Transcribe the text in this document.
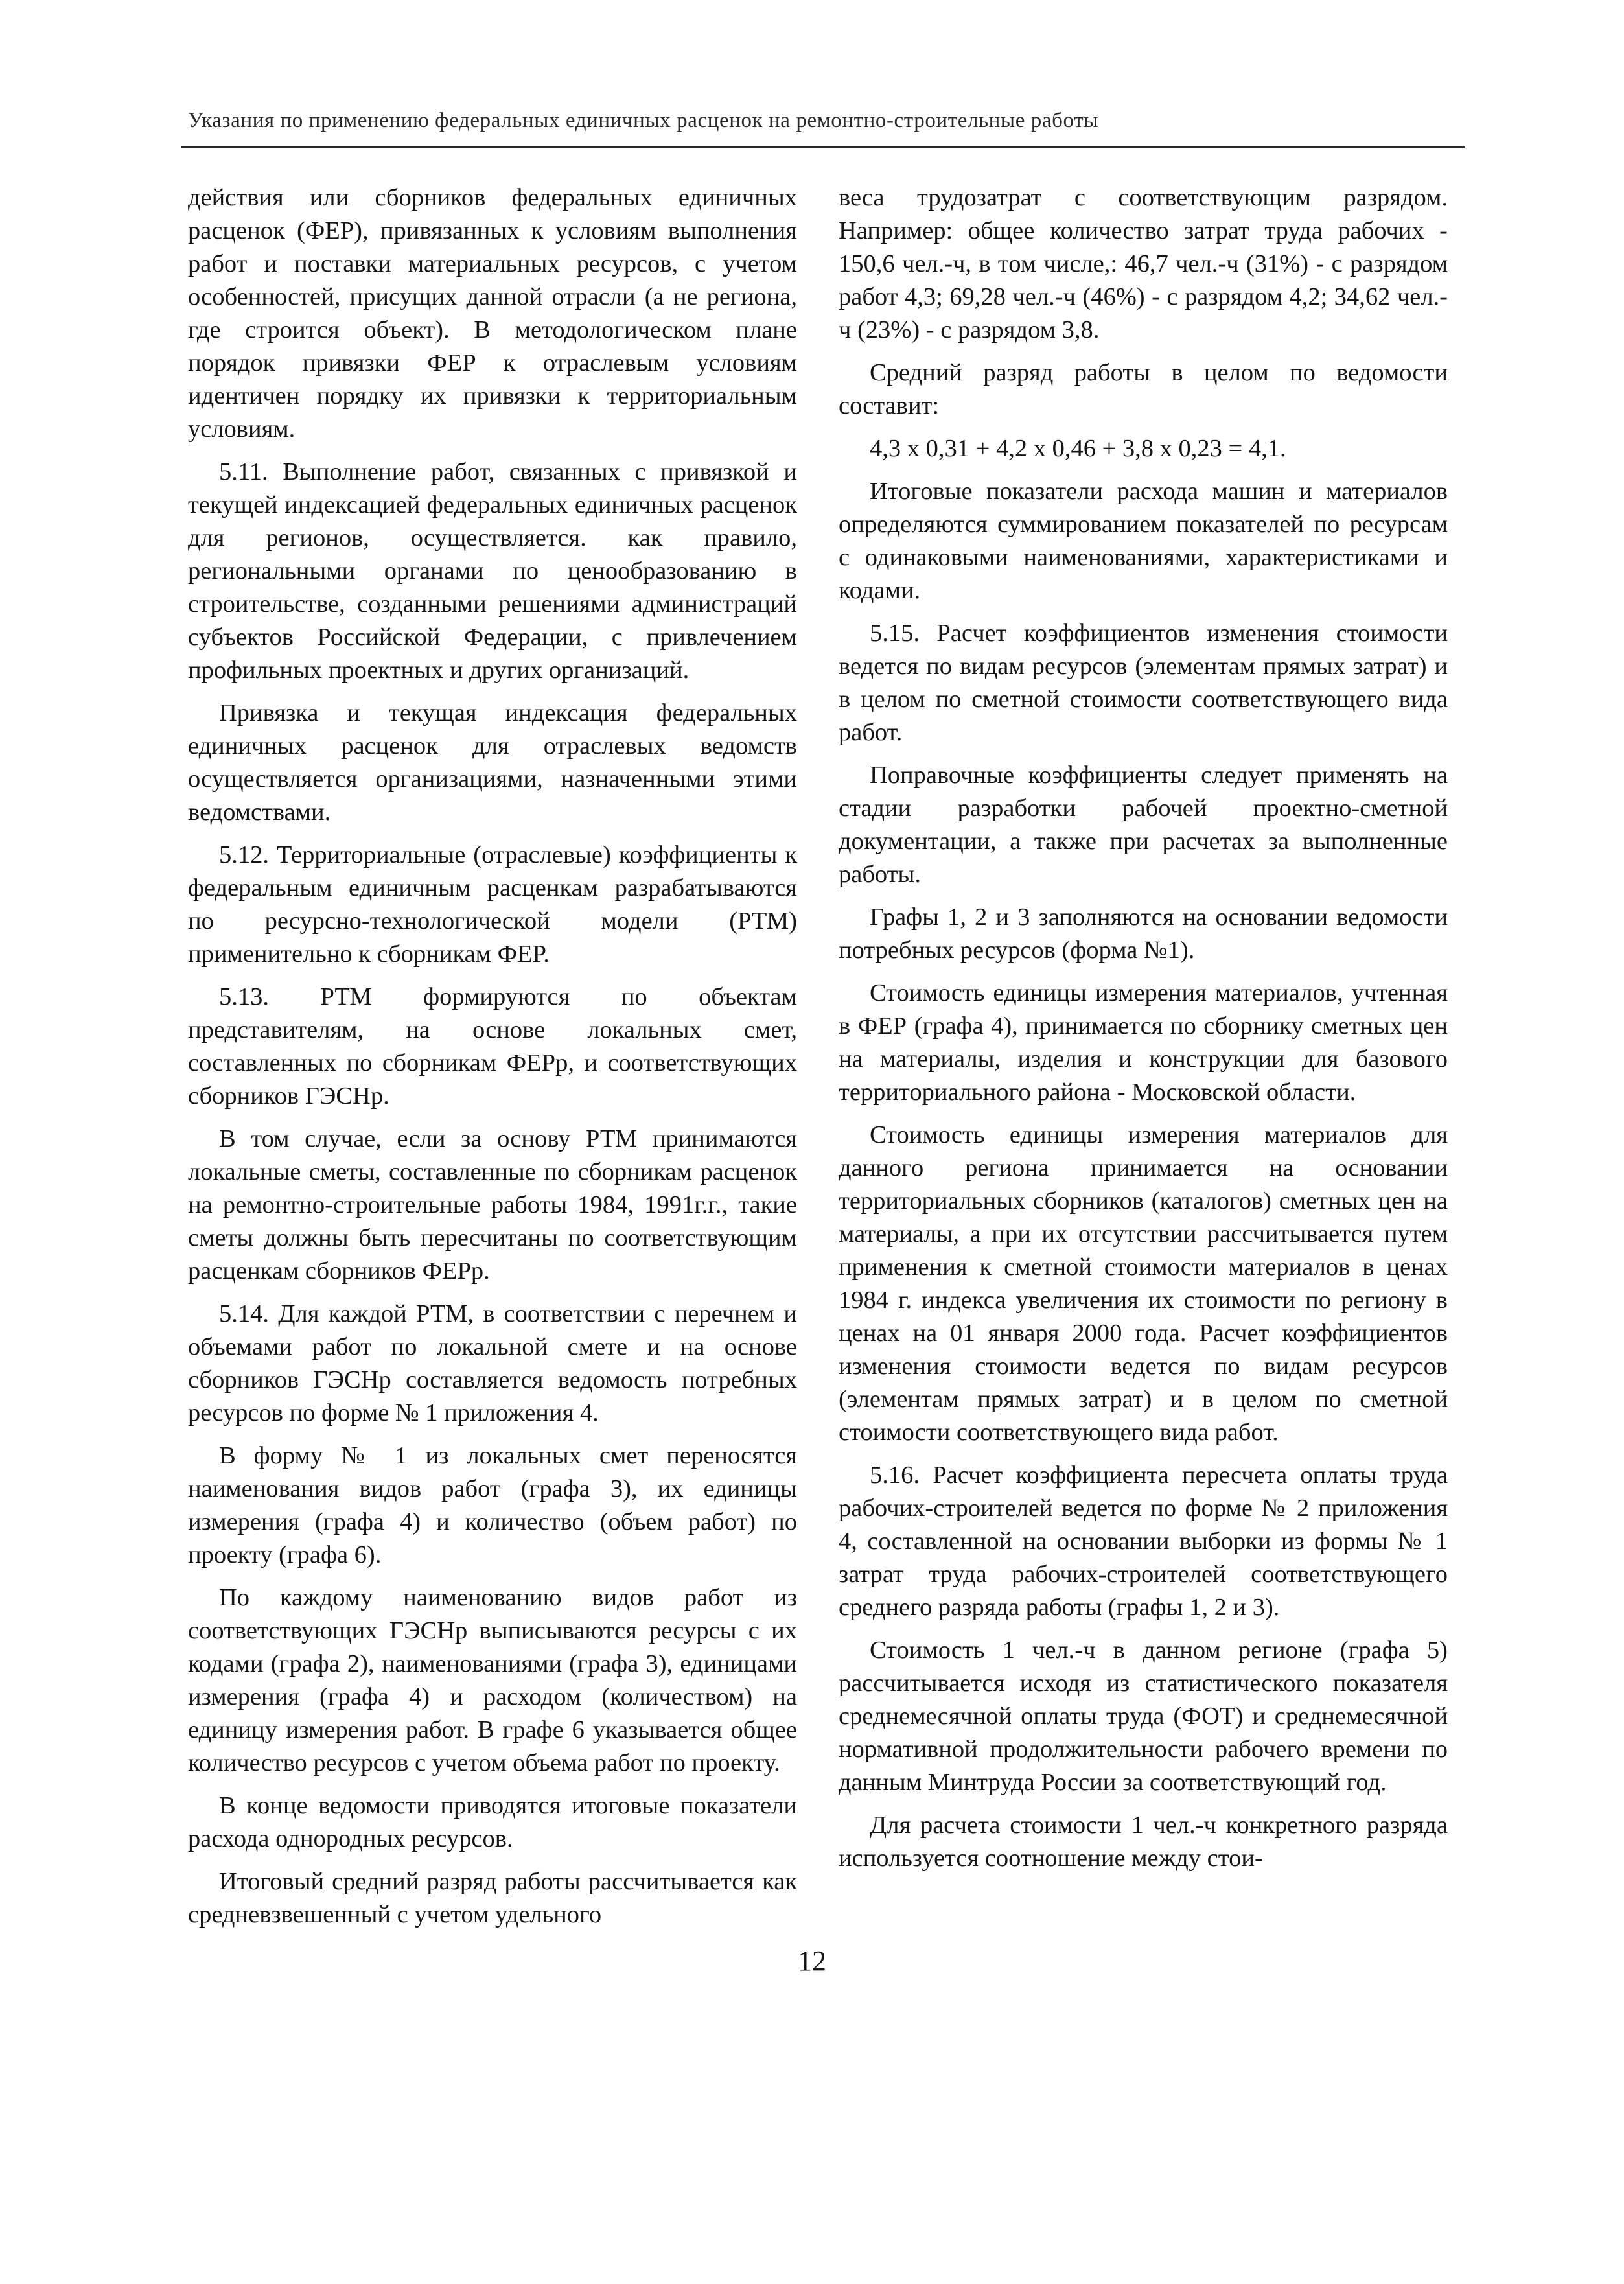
Указания по применению федеральных единичных расценок на ремонтно-строительные работы

действия или сборников федеральных единичных расценок (ФЕР), привязанных к условиям выполнения работ и поставки материальных ресурсов, с учетом особенностей, присущих данной отрасли (а не региона, где строится объект). В методологическом плане порядок привязки ФЕР к отраслевым условиям идентичен порядку их привязки к территориальным условиям.

5.11. Выполнение работ, связанных с привязкой и текущей индексацией федеральных единичных расценок для регионов, осуществляется. как правило, региональными органами по ценообразованию в строительстве, созданными решениями администраций субъектов Российской Федерации, с привлечением профильных проектных и других организаций.

Привязка и текущая индексация федеральных единичных расценок для отраслевых ведомств осуществляется организациями, назначенными этими ведомствами.

5.12. Территориальные (отраслевые) коэффициенты к федеральным единичным расценкам разрабатываются по ресурсно-технологической модели (РТМ) применительно к сборникам ФЕР.

5.13. РТМ формируются по объектам представителям, на основе локальных смет, составленных по сборникам ФЕРр, и соответствующих сборников ГЭСНр.

В том случае, если за основу РТМ принимаются локальные сметы, составленные по сборникам расценок на ремонтно-строительные работы 1984, 1991г.г., такие сметы должны быть пересчитаны по соответствующим расценкам сборников ФЕРр.

5.14. Для каждой РТМ, в соответствии с перечнем и объемами работ по локальной смете и на основе сборников ГЭСНр составляется ведомость потребных ресурсов по форме № 1 приложения 4.

В форму № 1 из локальных смет переносятся наименования видов работ (графа 3), их единицы измерения (графа 4) и количество (объем работ) по проекту (графа 6).

По каждому наименованию видов работ из соответствующих ГЭСНр выписываются ресурсы с их кодами (графа 2), наименованиями (графа 3), единицами измерения (графа 4) и расходом (количеством) на единицу измерения работ. В графе 6 указывается общее количество ресурсов с учетом объема работ по проекту.

В конце ведомости приводятся итоговые показатели расхода однородных ресурсов.

Итоговый средний разряд работы рассчитывается как средневзвешенный с учетом удельного

веса трудозатрат с соответствующим разрядом. Например: общее количество затрат труда рабочих - 150,6 чел.-ч, в том числе,: 46,7 чел.-ч (31%) - с разрядом работ 4,3; 69,28 чел.-ч (46%) - с разрядом 4,2; 34,62 чел.-ч (23%) - с разрядом 3,8.

Средний разряд работы в целом по ведомости составит:

4,3 х 0,31 + 4,2 х 0,46 + 3,8 х 0,23 = 4,1.

Итоговые показатели расхода машин и материалов определяются суммированием показателей по ресурсам с одинаковыми наименованиями, характеристиками и кодами.

5.15. Расчет коэффициентов изменения стоимости ведется по видам ресурсов (элементам прямых затрат) и в целом по сметной стоимости соответствующего вида работ.

Поправочные коэффициенты следует применять на стадии разработки рабочей проектно-сметной документации, а также при расчетах за выполненные работы.

Графы 1, 2 и 3 заполняются на основании ведомости потребных ресурсов (форма №1).

Стоимость единицы измерения материалов, учтенная в ФЕР (графа 4), принимается по сборнику сметных цен на материалы, изделия и конструкции для базового территориального района - Московской области.

Стоимость единицы измерения материалов для данного региона принимается на основании территориальных сборников (каталогов) сметных цен на материалы, а при их отсутствии рассчитывается путем применения к сметной стоимости материалов в ценах 1984 г. индекса увеличения их стоимости по региону в ценах на 01 января 2000 года. Расчет коэффициентов изменения стоимости ведется по видам ресурсов (элементам прямых затрат) и в целом по сметной стоимости соответствующего вида работ.

5.16. Расчет коэффициента пересчета оплаты труда рабочих-строителей ведется по форме № 2 приложения 4, составленной на основании выборки из формы № 1 затрат труда рабочих-строителей соответствующего среднего разряда работы (графы 1, 2 и 3).

Стоимость 1 чел.-ч в данном регионе (графа 5) рассчитывается исходя из статистического показателя среднемесячной оплаты труда (ФОТ) и среднемесячной нормативной продолжительности рабочего времени по данным Минтруда России за соответствующий год.

Для расчета стоимости 1 чел.-ч конкретного разряда используется соотношение между стои-

12
